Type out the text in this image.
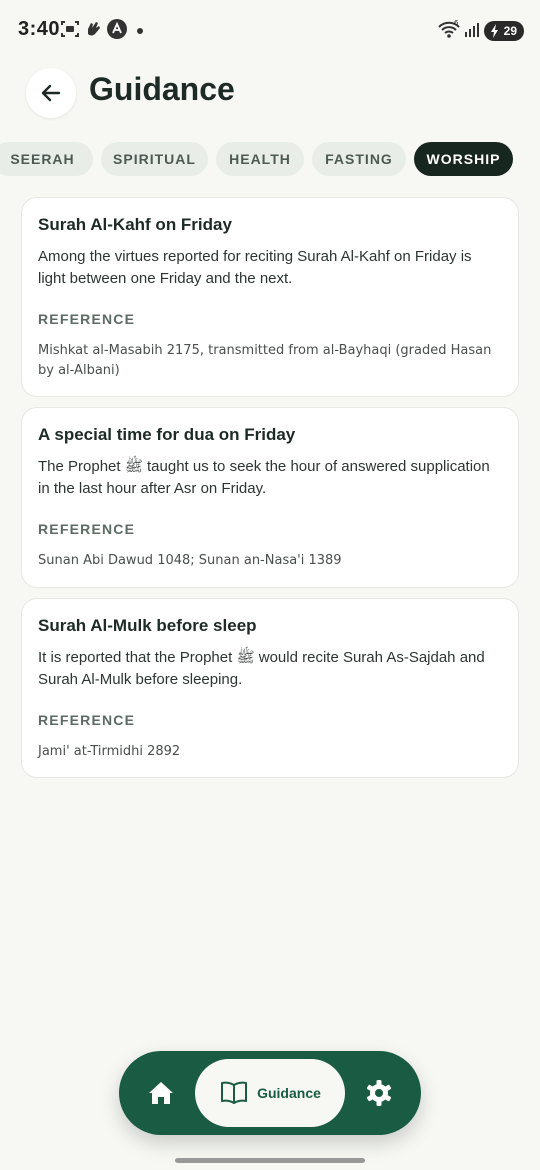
3:40	6
29
Guidance
SEERAH	SPIRITUAL	HEALTH	FASTING	WORSHIP
Surah Al-Kahf on Friday
Among the virtues reported for reciting Surah Al-Kahf on Friday is light between one Friday and the next.
REFERENCE
Mishkat al-Masabih 2175, transmitted from al-Bayhaqi (graded Hasan by al-Albani)
A special time for dua on Friday
The Prophet ﷺ taught us to seek the hour of answered supplication in the last hour after Asr on Friday.
REFERENCE
Sunan Abi Dawud 1048; Sunan an-Nasa'i 1389
Surah Al-Mulk before sleep
It is reported that the Prophet ﷺ would recite Surah As-Sajdah and Surah Al-Mulk before sleeping.
REFERENCE
Jami' at-Tirmidhi 2892
Guidance
